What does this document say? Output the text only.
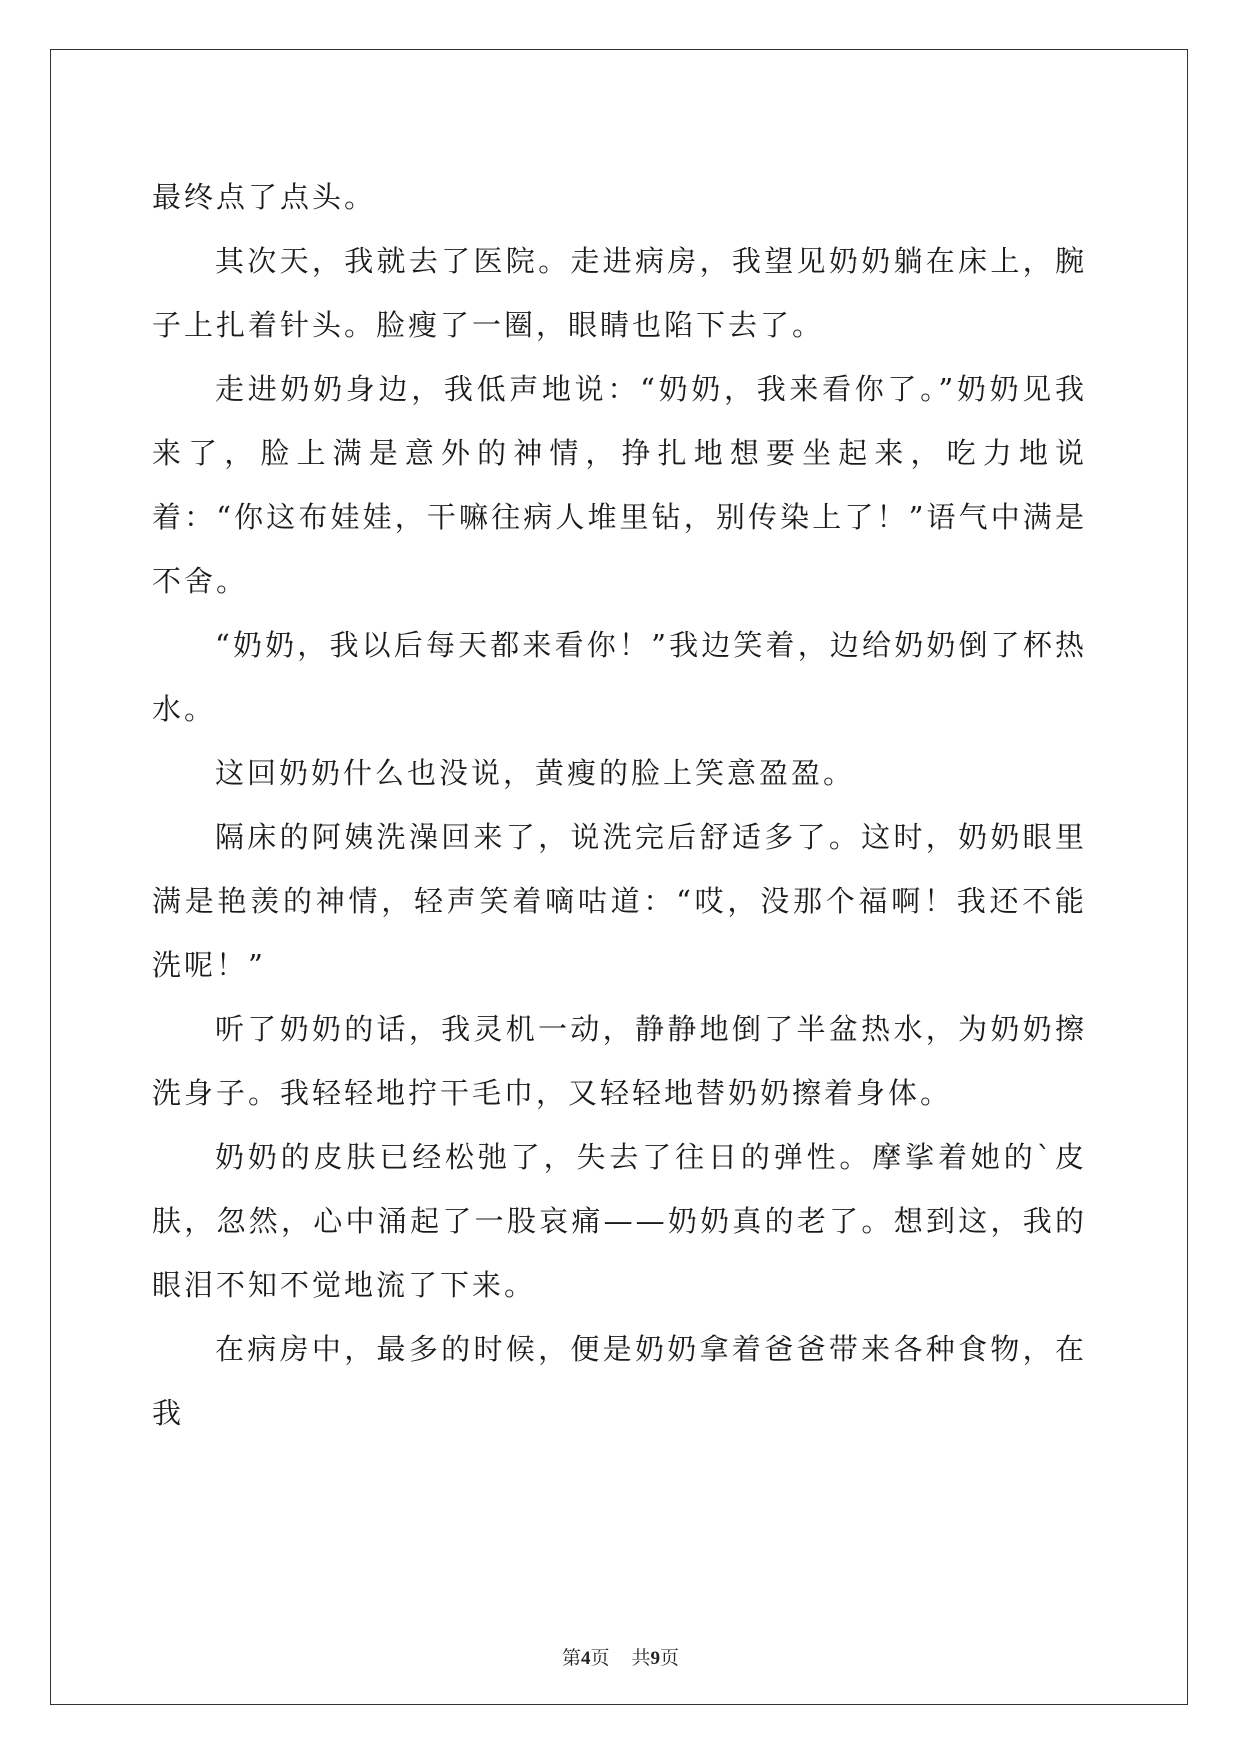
最终点了点头。

其次天，我就去了医院。走进病房，我望见奶奶躺在床上，腕子上扎着针头。脸瘦了一圈，眼睛也陷下去了。

走进奶奶身边，我低声地说：“奶奶，我来看你了。”奶奶见我来了，脸上满是意外的神情，挣扎地想要坐起来，吃力地说着：“你这布娃娃，干嘛往病人堆里钻，别传染上了！”语气中满是不舍。

“奶奶，我以后每天都来看你！”我边笑着，边给奶奶倒了杯热水。

这回奶奶什么也没说，黄瘦的脸上笑意盈盈。

隔床的阿姨洗澡回来了，说洗完后舒适多了。这时，奶奶眼里满是艳羡的神情，轻声笑着嘀咕道：“哎，没那个福啊！我还不能洗呢！”

听了奶奶的话，我灵机一动，静静地倒了半盆热水，为奶奶擦洗身子。我轻轻地拧干毛巾，又轻轻地替奶奶擦着身体。

奶奶的皮肤已经松弛了，失去了往日的弹性。摩挲着她的`皮肤，忽然，心中涌起了一股哀痛——奶奶真的老了。想到这，我的眼泪不知不觉地流了下来。

在病房中，最多的时候，便是奶奶拿着爸爸带来各种食物，在我

第4页 共9页
